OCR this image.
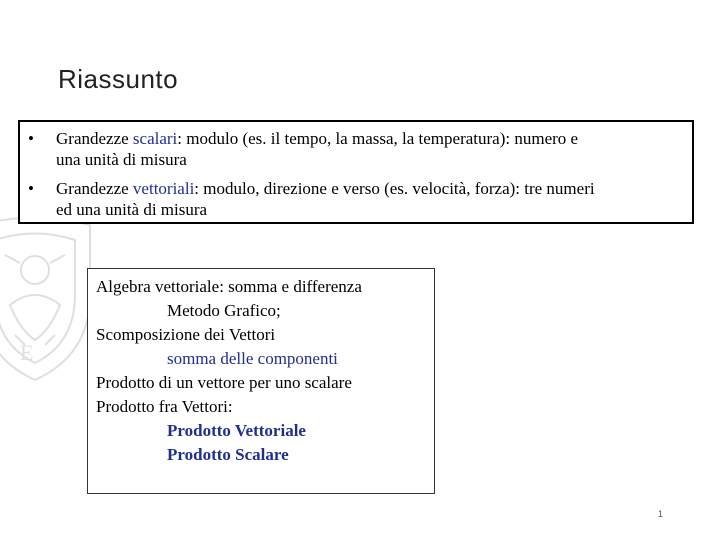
E
Riassunto
• Grandezze scalari: modulo (es. il tempo, la massa, la temperatura): numero e
una unità di misura
• Grandezze vettoriali: modulo, direzione e verso (es. velocità, forza): tre numeri
ed una unità di misura
Algebra vettoriale: somma e differenza
Metodo Grafico;
Scomposizione dei Vettori
somma delle componenti
Prodotto di un vettore per uno scalare
Prodotto fra Vettori:
Prodotto Vettoriale
Prodotto Scalare
1
